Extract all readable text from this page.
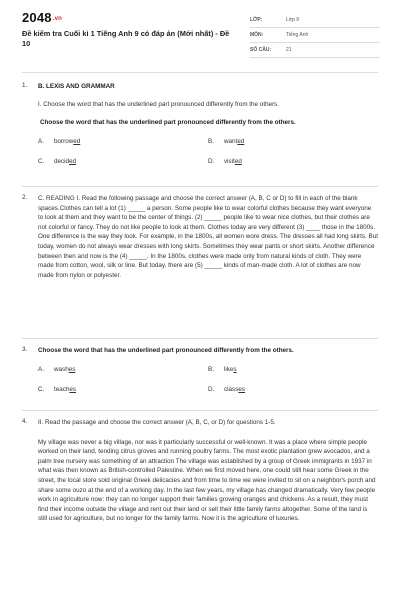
2048.vn
Đề kiểm tra Cuối kì 1 Tiếng Anh 9 có đáp án (Mới nhất) - Đề 10
LỚP:	Lớp 9
MÔN:	Tiếng Anh
SỐ CÂU:	21
1. B. LEXIS AND GRAMMAR

I. Choose the word that has the underlined part pronounced differently from the others.

Choose the word that has the underlined part pronounced differently from the others.

A.	borrow ed	B.	want ed
C.	decid ed	D.	visit ed
2. C. READING I. Read the following passage and choose the correct answer (A, B, C or D) to fill in each of the blank spaces.Clothes can tell a lot (1) _____ a person. Some people like to wear colorful clothes because they want everyone to look at them and they want to be the center of things. (2) _____ people like to wear nice clothes, but their clothes are not colorful or fancy. They do not like people to look at them. Clothes today are very different (3) ____ those in the 1800s. One difference is the way they look. For example, in the 1800s, all women wore dress. The dresses all had long skirts. But today, women do not always wear dresses with long skirts. Sometimes they wear pants or short skirts. Another difference between then and now is the (4) _____. In the 1800s, clothes were made only from natural kinds of cloth. They were made from cotton, wool, silk or line. But today, there are (5) _____ kinds of man-made cloth. A lot of clothes are now made from nylon or polyester.

3. Choose the word that has the underlined part pronounced differently from the others.

A.	wash es	B.	like s
C.	teach es	D.	class es
4. II. Read the passage and choose the correct answer (A, B, C, or D) for questions 1-5.

My village was never a big village, nor was it particularly successful or well-known. It was a place where simple people worked on their land, tending citrus groves and running poultry farms. The most exotic plantation grew avocados, and a palm tree nursery was something of an attraction The village was established by a group of Greek immigrants in 1937 in what was then known as British-controlled Palestine. When we first moved here, one could still hear some Greek in the street, the local store sold original Greek delicacies and from time to time we were invited to sit on a neighbor's porch and share some ouzo at the end of a working day. In the last few years, my village has changed dramatically. Very few people work in agriculture now: they can no longer support their families growing oranges and chickens. As a result, they must find their income outside the village and rent out their land or sell their little family farms altogether. Some of the land is still used for agriculture, but no longer for the family farms. Now it is the agriculture of luxuries.
